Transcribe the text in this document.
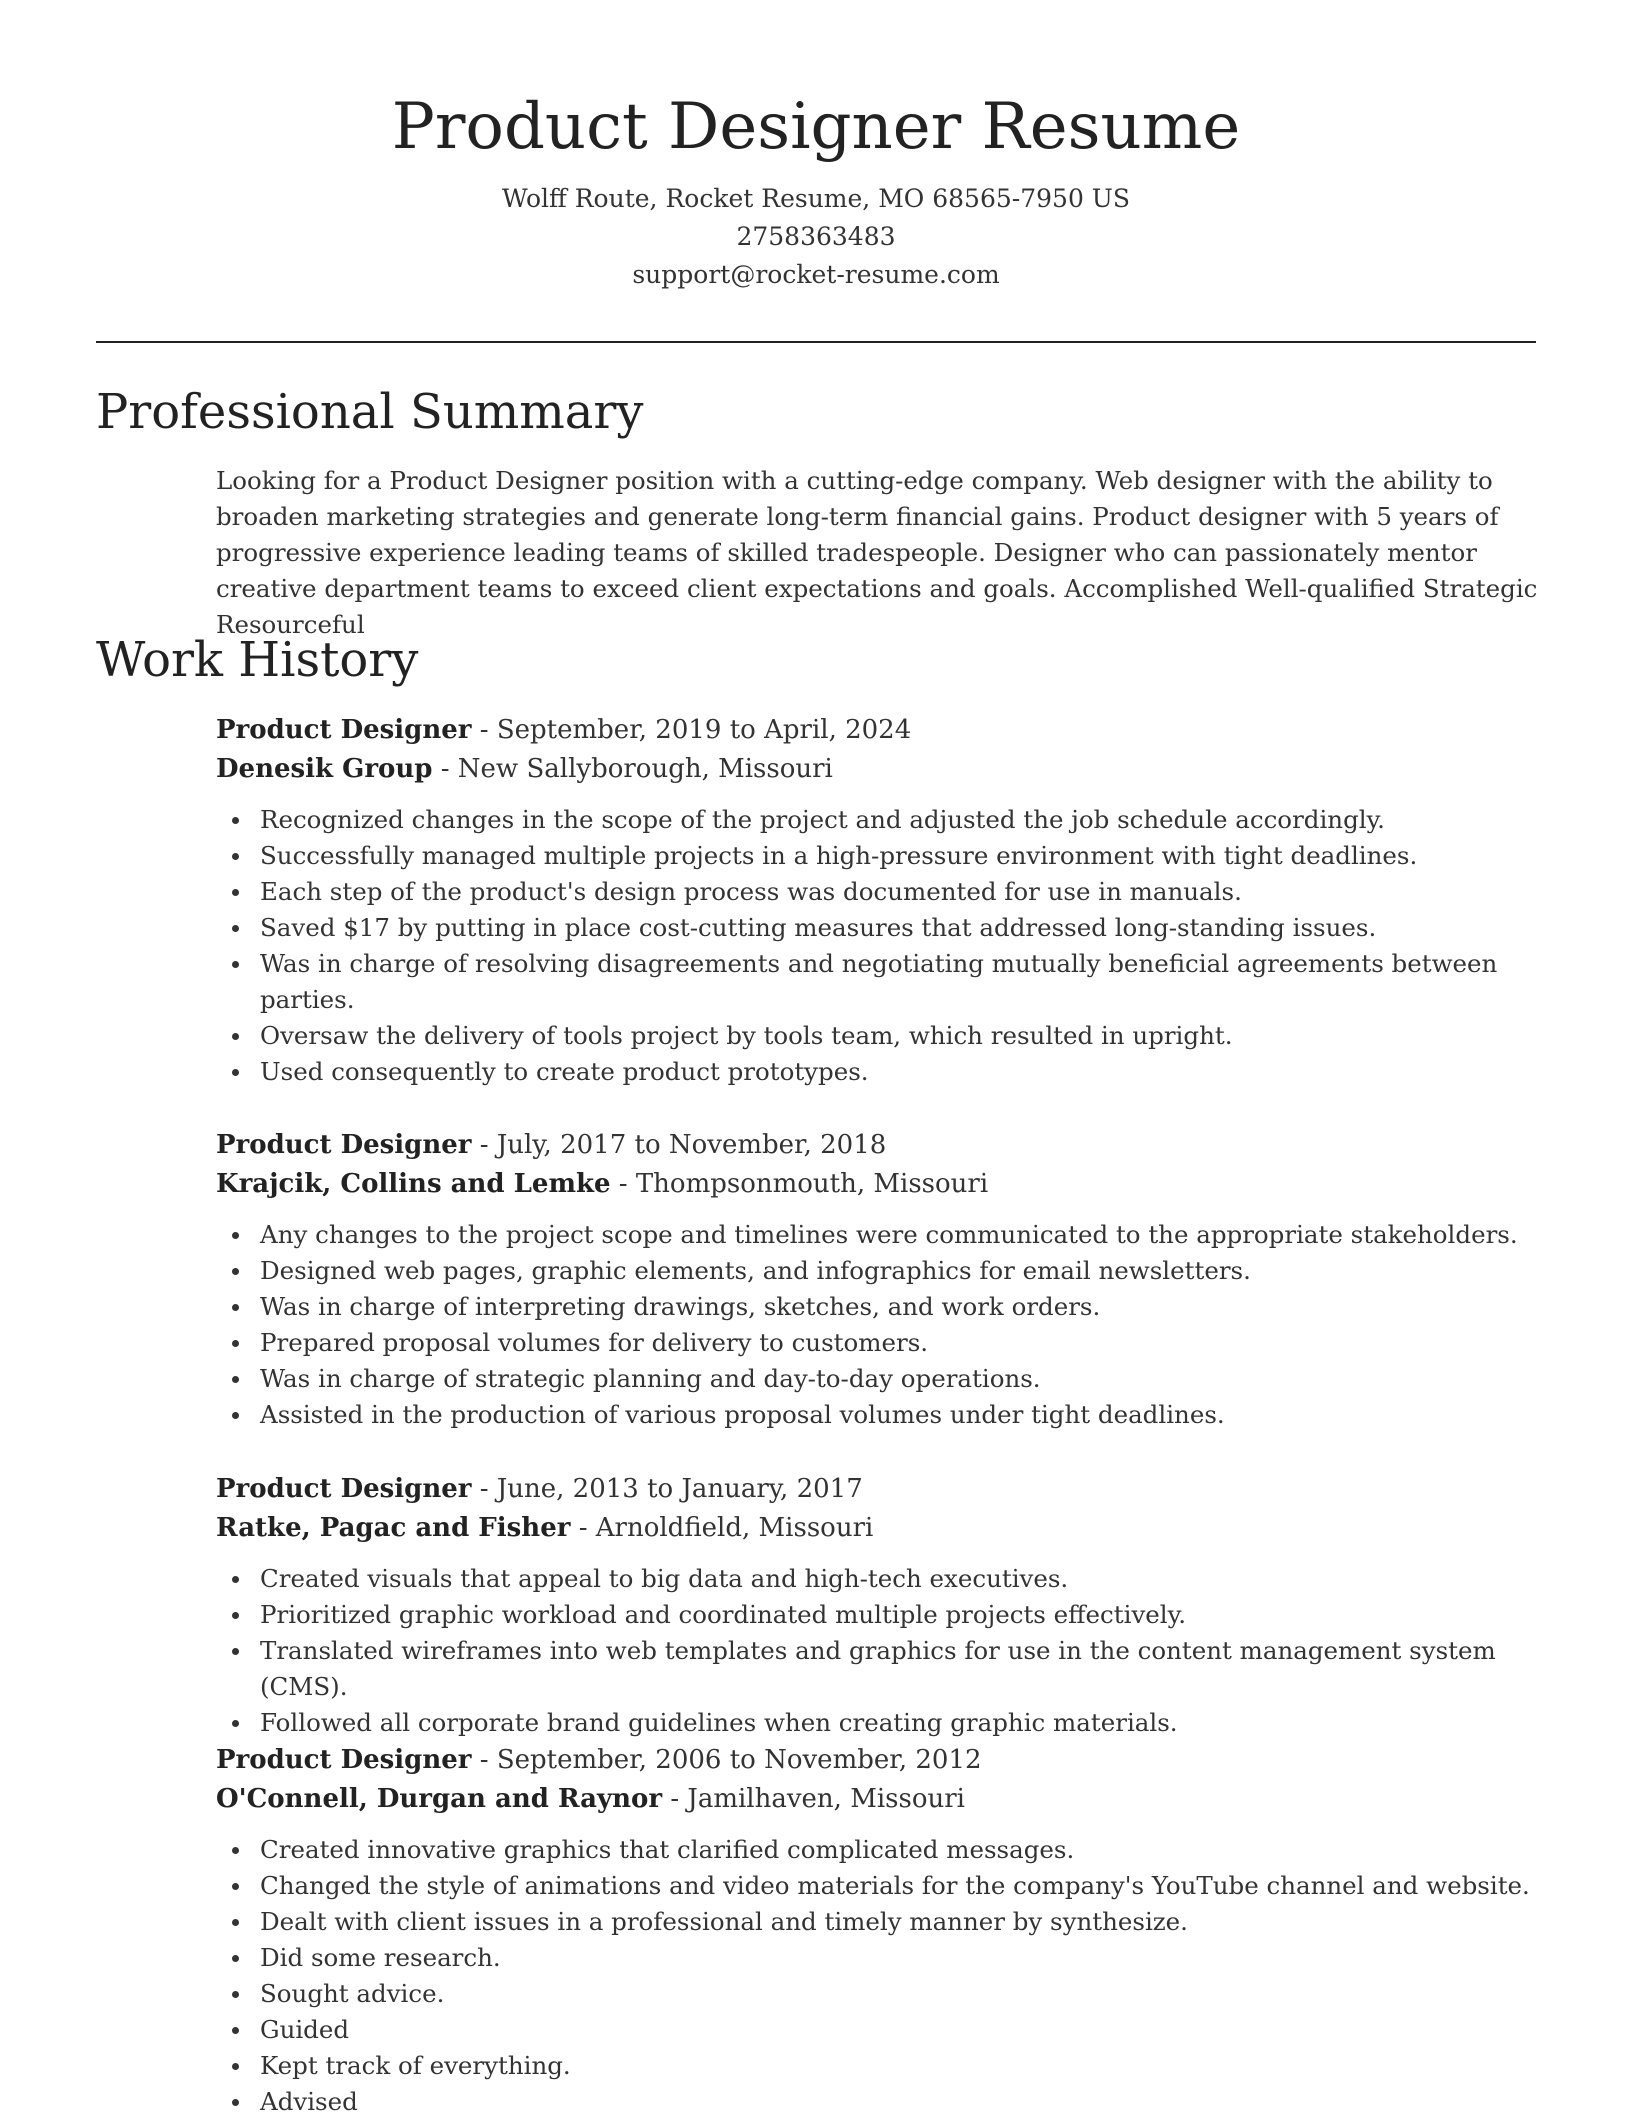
Product Designer Resume
Wolff Route, Rocket Resume, MO 68565-7950 US
2758363483
support@rocket-resume.com
Professional Summary

Looking for a Product Designer position with a cutting-edge company. Web designer with the ability to broaden marketing strategies and generate long-term financial gains. Product designer with 5 years of progressive experience leading teams of skilled tradespeople. Designer who can passionately mentor creative department teams to exceed client expectations and goals. Accomplished Well-qualified Strategic Resourceful

Work History
Product Designer - September, 2019 to April, 2024
Denesik Group - New Sallyborough, Missouri
Recognized changes in the scope of the project and adjusted the job schedule accordingly.
Successfully managed multiple projects in a high-pressure environment with tight deadlines.
Each step of the product's design process was documented for use in manuals.
Saved $17 by putting in place cost-cutting measures that addressed long-standing issues.
Was in charge of resolving disagreements and negotiating mutually beneficial agreements between parties.
Oversaw the delivery of tools project by tools team, which resulted in upright.
Used consequently to create product prototypes.
Product Designer - July, 2017 to November, 2018
Krajcik, Collins and Lemke - Thompsonmouth, Missouri
Any changes to the project scope and timelines were communicated to the appropriate stakeholders.
Designed web pages, graphic elements, and infographics for email newsletters.
Was in charge of interpreting drawings, sketches, and work orders.
Prepared proposal volumes for delivery to customers.
Was in charge of strategic planning and day-to-day operations.
Assisted in the production of various proposal volumes under tight deadlines.
Product Designer - June, 2013 to January, 2017
Ratke, Pagac and Fisher - Arnoldfield, Missouri
Created visuals that appeal to big data and high-tech executives.
Prioritized graphic workload and coordinated multiple projects effectively.
Translated wireframes into web templates and graphics for use in the content management system (CMS).
Followed all corporate brand guidelines when creating graphic materials.
Product Designer - September, 2006 to November, 2012
O'Connell, Durgan and Raynor - Jamilhaven, Missouri
Created innovative graphics that clarified complicated messages.
Changed the style of animations and video materials for the company's YouTube channel and website.
Dealt with client issues in a professional and timely manner by synthesize.
Did some research.
Sought advice.
Guided
Kept track of everything.
Advised
